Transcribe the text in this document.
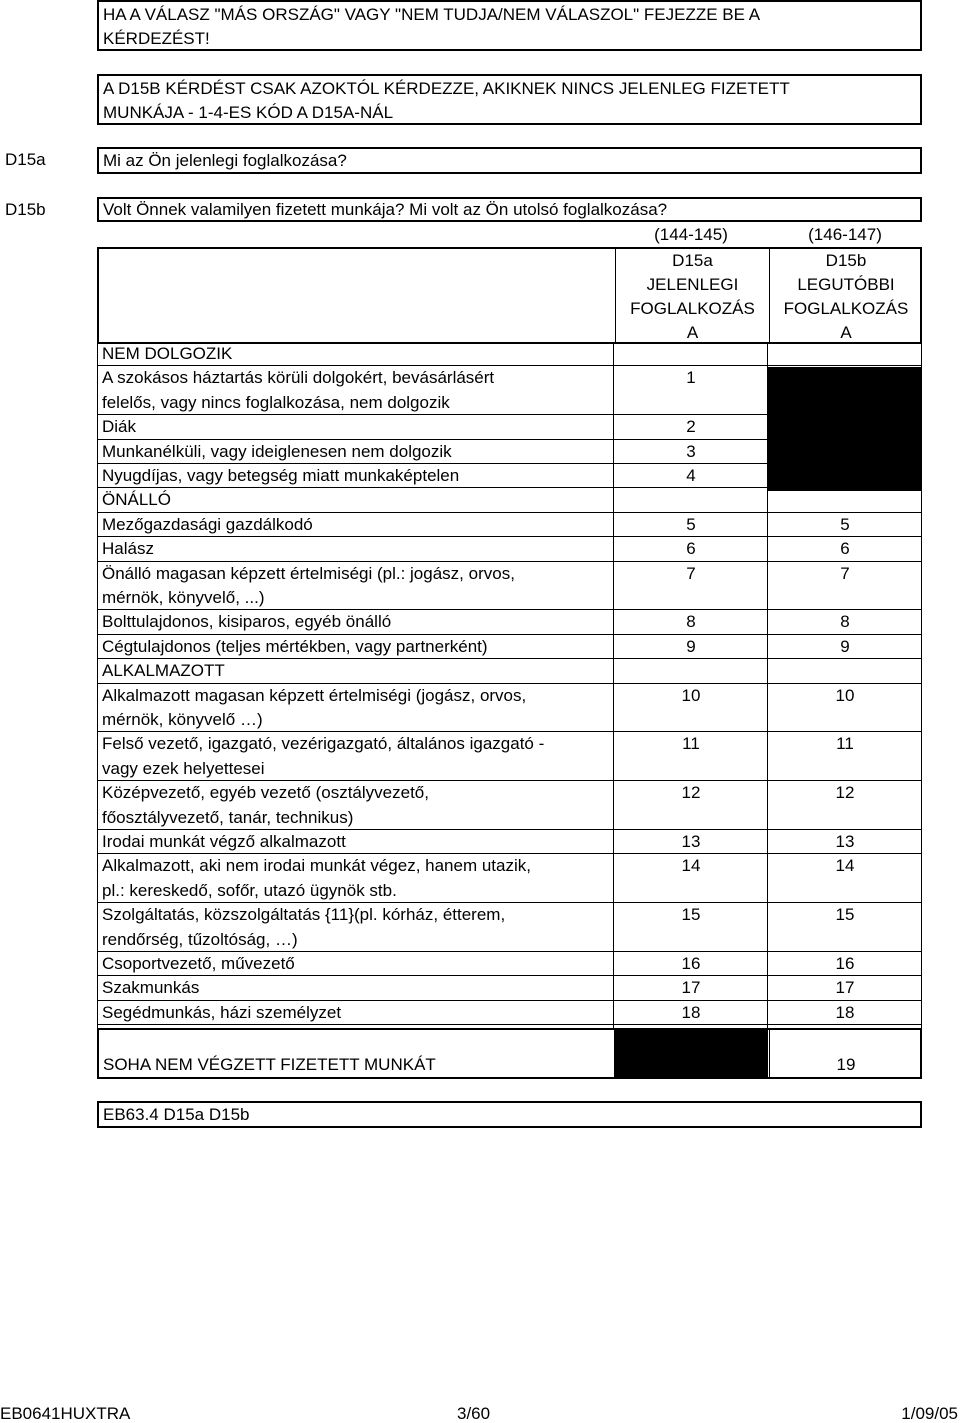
HA A VÁLASZ "MÁS ORSZÁG" VAGY "NEM TUDJA/NEM VÁLASZOL" FEJEZZE BE A
KÉRDEZÉST!
A D15B KÉRDÉST CSAK AZOKTÓL KÉRDEZZE, AKIKNEK NINCS JELENLEG FIZETETT
MUNKÁJA - 1-4-ES KÓD A D15A-NÁL
D15a	Mi az Ön jelenlegi foglalkozása?
D15b	Volt Önnek valamilyen fizetett munkája? Mi volt az Ön utolsó foglalkozása?
(144-145)	(146-147)
D15a
JELENLEGI
FOGLALKOZÁS
A
D15b
LEGUTÓBBI
FOGLALKOZÁS
A
NEM DOLGOZIK
A szokásos háztartás körüli dolgokért, bevásárlásért
felelős, vagy nincs foglalkozása, nem dolgozik
1
Diák	2
Munkanélküli, vagy ideiglenesen nem dolgozik	3
Nyugdíjas, vagy betegség miatt munkaképtelen	4
ÖNÁLLÓ
Mezőgazdasági gazdálkodó	5	5
Halász	6	6
Önálló magasan képzett értelmiségi (pl.: jogász, orvos,
mérnök, könyvelő, ...)
7	7
Bolttulajdonos, kisiparos, egyéb önálló	8	8
Cégtulajdonos (teljes mértékben, vagy partnerként)	9	9
ALKALMAZOTT
Alkalmazott magasan képzett értelmiségi (jogász, orvos,
mérnök, könyvelő …)
10	10
Felső vezető, igazgató, vezérigazgató, általános igazgató -
vagy ezek helyettesei
11	11
Középvezető, egyéb vezető (osztályvezető,
főosztályvezető, tanár, technikus)
12	12
Irodai munkát végző alkalmazott	13	13
Alkalmazott, aki nem irodai munkát végez, hanem utazik,
pl.: kereskedő, sofőr, utazó ügynök stb.
14	14
Szolgáltatás, közszolgáltatás {11}(pl. kórház, étterem,
rendőrség, tűzoltóság, …)
15	15
Csoportvezető, művezető	16	16
Szakmunkás	17	17
Segédmunkás, házi személyzet	18	18
SOHA NEM VÉGZETT FIZETETT MUNKÁT	19
EB63.4 D15a D15b
EB0641HUXTRA	3/60	1/09/05
